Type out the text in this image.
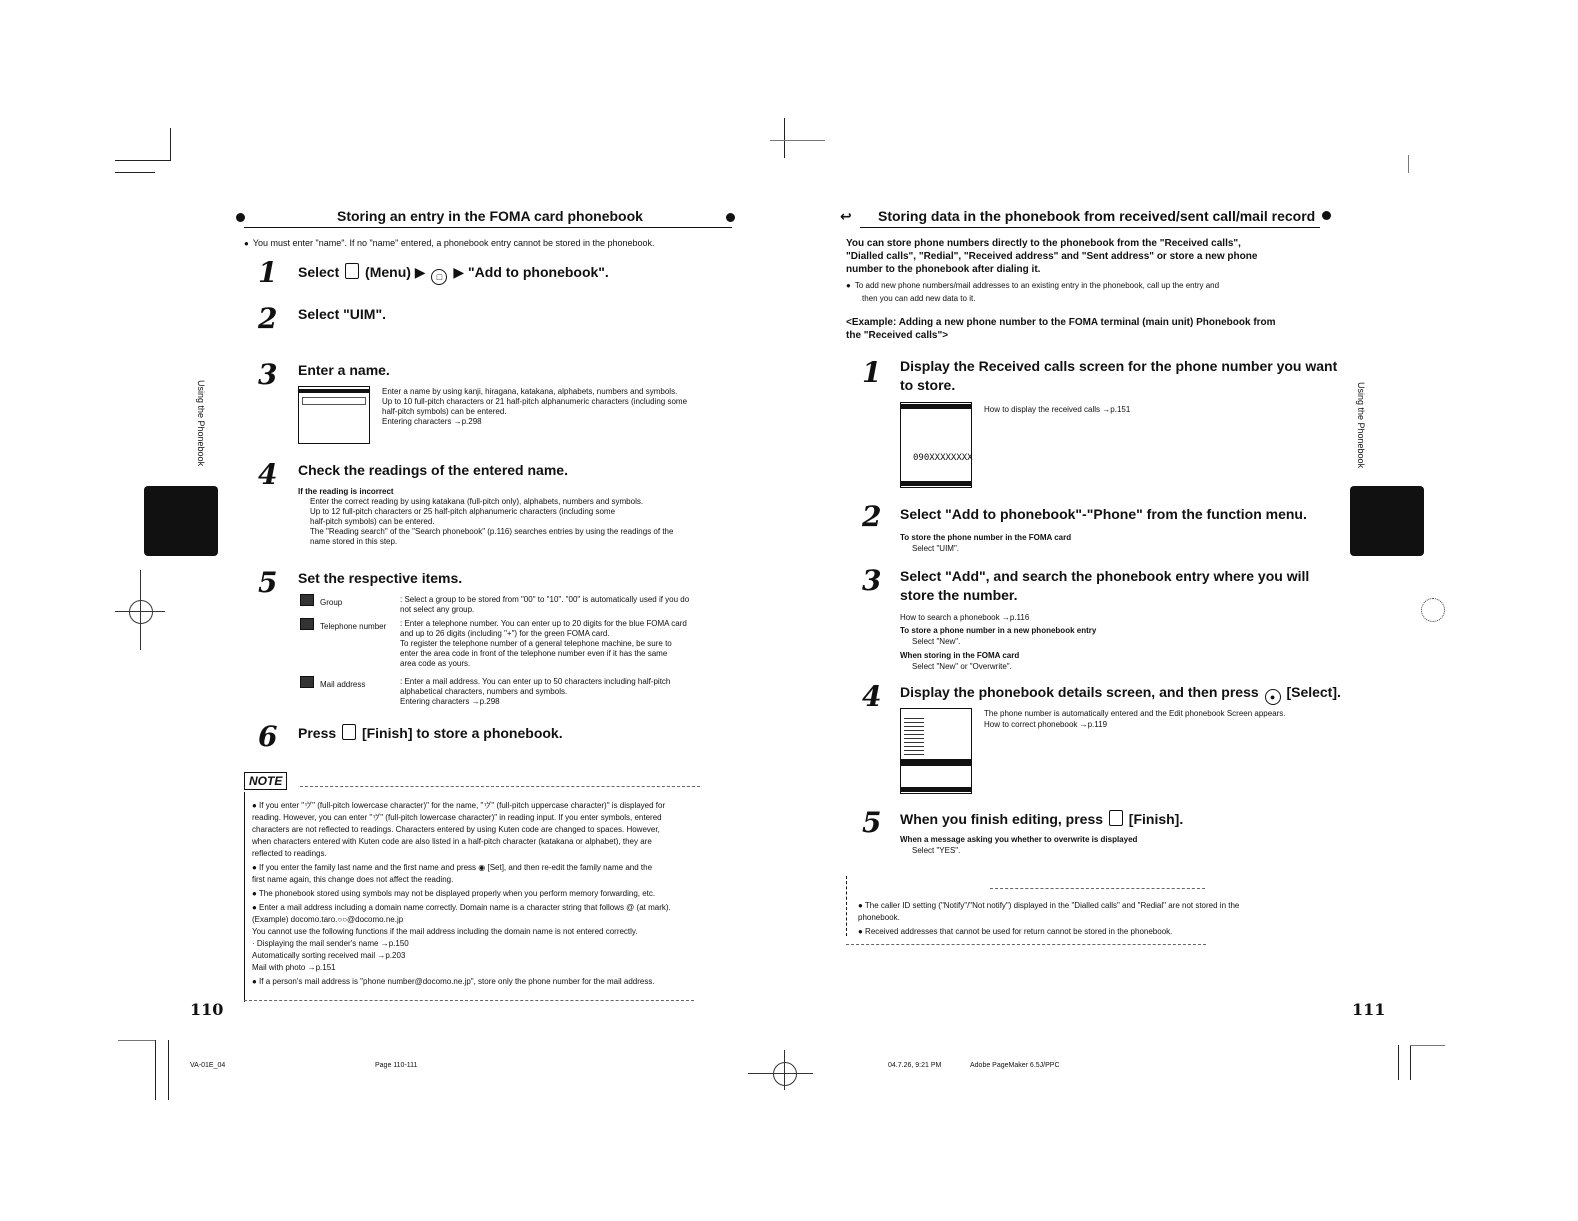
Storing an entry in the FOMA card phonebook
● You must enter "name". If no "name" entered, a phonebook entry cannot be stored in the phonebook.
1 Select (Menu) ▶ □ ▶ "Add to phonebook".
2 Select "UIM".
3 Enter a name.
Enter a name by using kanji, hiragana, katakana, alphabets, numbers and symbols.
Up to 10 full-pitch characters or 21 half-pitch alphanumeric characters (including some
half-pitch symbols) can be entered.
Entering characters →p.298
4 Check the readings of the entered name.
If the reading is incorrect
Enter the correct reading by using katakana (full-pitch only), alphabets, numbers and symbols.
Up to 12 full-pitch characters or 25 half-pitch alphanumeric characters (including some
half-pitch symbols) can be entered.
The "Reading search" of the "Search phonebook" (p.116) searches entries by using the readings of the
name stored in this step.
5 Set the respective items.
Group	: Select a group to be stored from "00" to "10". "00" is automatically used if you do
not select any group.
Telephone number : Enter a telephone number. You can enter up to 20 digits for the blue FOMA card
and up to 26 digits (including "+") for the green FOMA card.
To register the telephone number of a general telephone machine, be sure to
enter the area code in front of the telephone number even if it has the same
area code as yours.
Mail address	: Enter a mail address. You can enter up to 50 characters including half-pitch
alphabetical characters, numbers and symbols.
Entering characters →p.298
6 Press [Finish] to store a phonebook.
NOTE
● If you enter "ヴ" (full-pitch lowercase character)" for the name, "ヴ" (full-pitch uppercase character)" is displayed for
reading. However, you can enter "ヴ" (full-pitch lowercase character)" in reading input. If you enter symbols, entered
characters are not reflected to readings. Characters entered by using Kuten code are changed to spaces. However,
when characters entered with Kuten code are also listed in a half-pitch character (katakana or alphabet), they are
reflected to readings.
● If you enter the family last name and the first name and press ◉ [Set], and then re-edit the family name and the
first name again, this change does not affect the reading.
● The phonebook stored using symbols may not be displayed properly when you perform memory forwarding, etc.
● Enter a mail address including a domain name correctly. Domain name is a character string that follows @ (at mark).
(Example) docomo.taro.○○@docomo.ne.jp
You cannot use the following functions if the mail address including the domain name is not entered correctly.
· Displaying the mail sender's name →p.150
Automatically sorting received mail →p.203
Mail with photo →p.151
● If a person's mail address is "phone number@docomo.ne.jp", store only the phone number for the mail address.
Using the Phonebook
110
↩ Storing data in the phonebook from received/sent call/mail record
You can store phone numbers directly to the phonebook from the "Received calls",
"Dialled calls", "Redial", "Received address" and "Sent address" or store a new phone
number to the phonebook after dialing it.
● To add new phone numbers/mail addresses to an existing entry in the phonebook, call up the entry and
then you can add new data to it.
<Example: Adding a new phone number to the FOMA terminal (main unit) Phonebook from
the "Received calls">
1 Display the Received calls screen for the phone number you want
to store.
090XXXXXXXX
How to display the received calls →p.151
2 Select "Add to phonebook"-"Phone" from the function menu.
To store the phone number in the FOMA card
Select "UIM".
3 Select "Add", and search the phonebook entry where you will
store the number.
How to search a phonebook →p.116
To store a phone number in a new phonebook entry
Select "New".
When storing in the FOMA card
Select "New" or "Overwrite".
4 Display the phonebook details screen, and then press ● [Select].
The phone number is automatically entered and the Edit phonebook Screen appears.
How to correct phonebook →p.119
5 When you finish editing, press [Finish].
When a message asking you whether to overwrite is displayed
Select "YES".
● The caller ID setting ("Notify"/"Not notify") displayed in the "Dialled calls" and "Redial" are not stored in the
phonebook.
● Received addresses that cannot be used for return cannot be stored in the phonebook.
Using the Phonebook
111
VA-01E_04	Page 110-111	04.7.26, 9:21 PM	Adobe PageMaker 6.5J/PPC
